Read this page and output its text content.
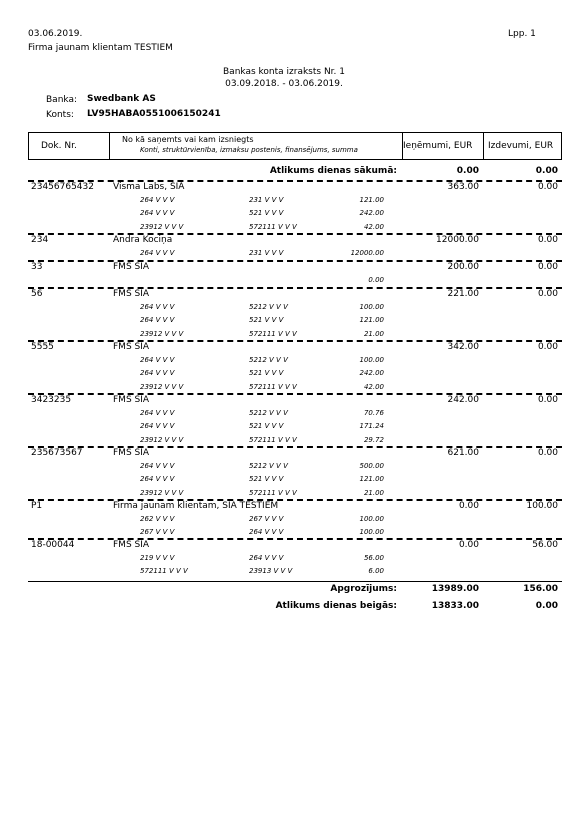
03.06.2019.	Lpp. 1
Firma jaunam klientam TESTIEM
Bankas konta izraksts Nr. 1
03.09.2018. - 03.06.2019.
Banka: Swedbank AS
Konts: LV95HABA0551006150241
Dok. Nr.
No kā saņemts vai kam izsniegts
Konti, struktūrvienība, izmaksu postenis, finansējums, summa	Ieņēmumi, EUR Izdevumi, EUR
Atlikums dienas sākumā:	0.00	0.00
23456765432 Visma Labs, SIA	363.00	0.00
264 V V V	231 V V V	121.00
264 V V V	521 V V V	242.00
23912 V V V	572111 V V V	42.00
234	Andra Kociņa	12000.00	0.00
264 V V V	231 V V V	12000.00
33	FMS SIA	200.00	0.00
0.00
56	FMS SIA	221.00	0.00
264 V V V	5212 V V V	100.00
264 V V V	521 V V V	121.00
23912 V V V	572111 V V V	21.00
5555	FMS SIA	342.00	0.00
264 V V V	5212 V V V	100.00
264 V V V	521 V V V	242.00
23912 V V V	572111 V V V	42.00
3423235	FMS SIA	242.00	0.00
264 V V V	5212 V V V	70.76
264 V V V	521 V V V	171.24
23912 V V V	572111 V V V	29.72
235673567	FMS SIA	621.00	0.00
264 V V V	5212 V V V	500.00
264 V V V	521 V V V	121.00
23912 V V V	572111 V V V	21.00
P1	Firma jaunam klientam, SIA TESTIEM	0.00	100.00
262 V V V	267 V V V	100.00
267 V V V	264 V V V	100.00
18-00044	FMS SIA	0.00	56.00
219 V V V	264 V V V	56.00
572111 V V V	23913 V V V	6.00
Apgrozījums:	13989.00	156.00
Atlikums dienas beigās:	13833.00	0.00
